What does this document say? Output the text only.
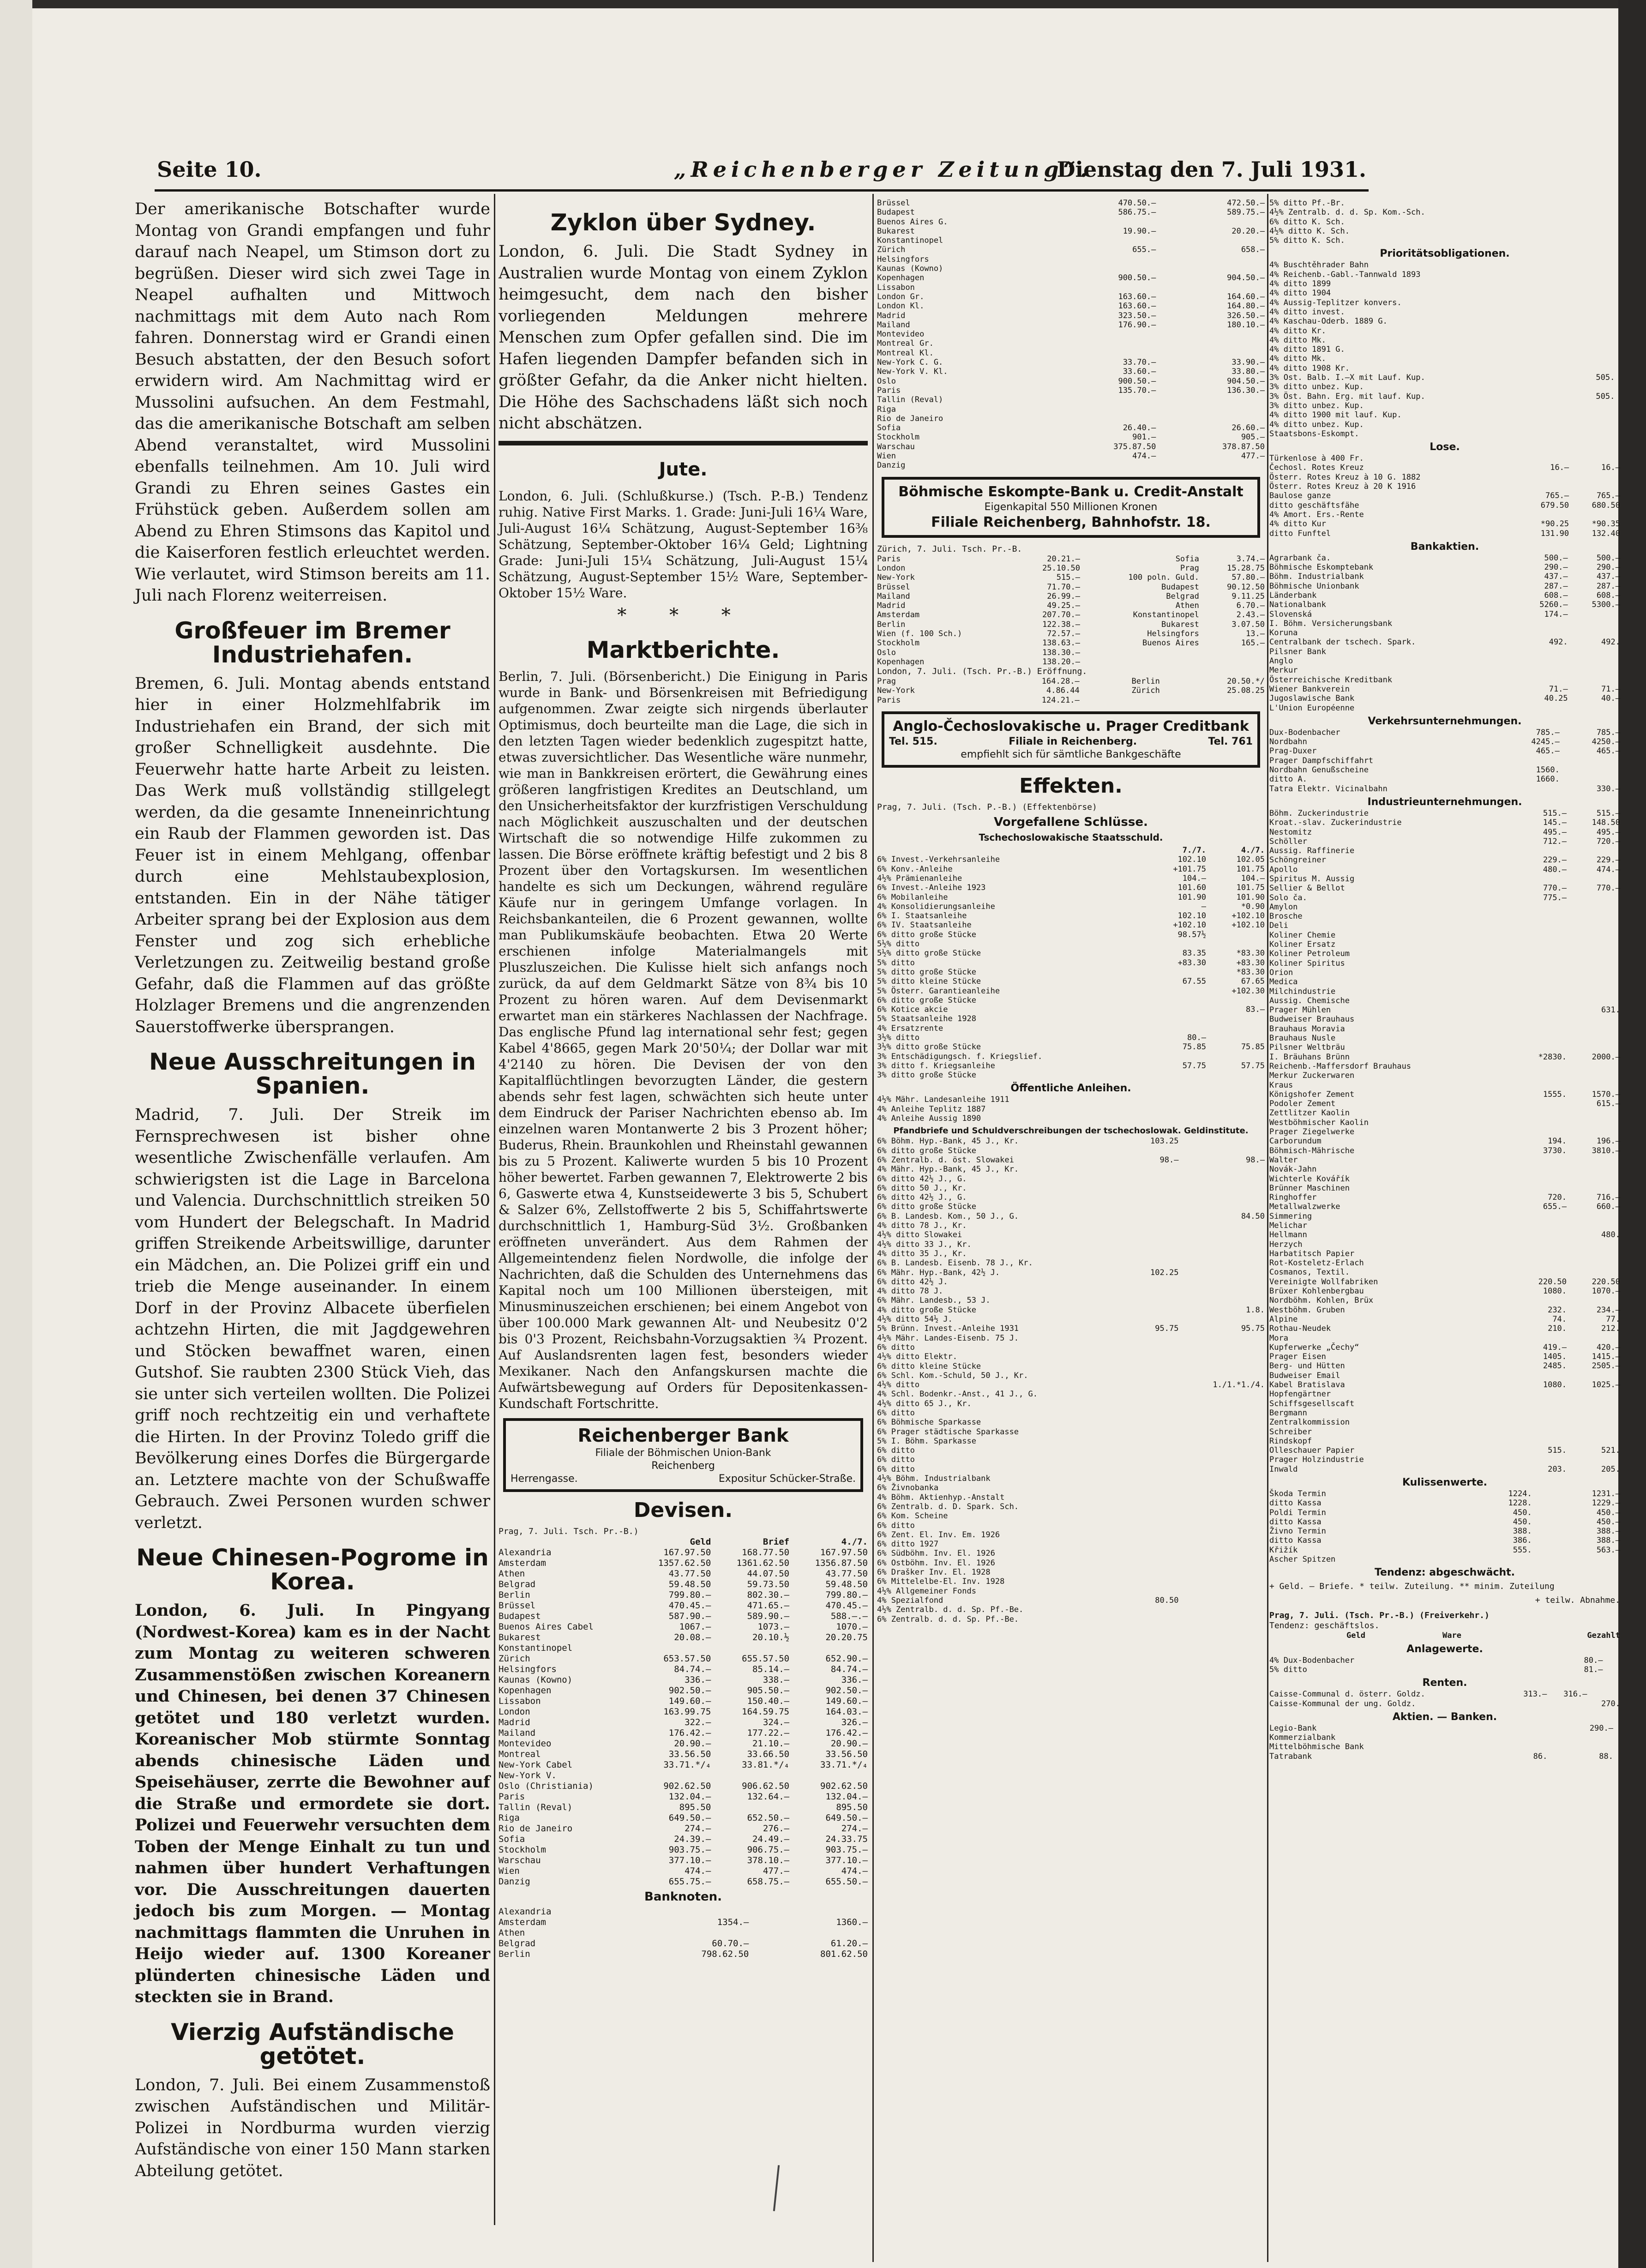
Seite 10.	„Reichenberger Zeitung“.
Dienstag den 7. Juli 1931.

Der amerikanische Botschafter wurde Montag von Grandi empfangen und fuhr darauf nach Neapel, um Stimson dort zu begrüßen. Dieser wird sich zwei Tage in Neapel aufhalten und Mittwoch nachmittags mit dem Auto nach Rom fahren. Donnerstag wird er Grandi einen Besuch abstatten, der den Besuch sofort erwidern wird. Am Nachmittag wird er Mussolini aufsuchen. An dem Festmahl, das die amerikanische Botschaft am selben Abend veranstaltet, wird Mussolini ebenfalls teilnehmen. Am 10. Juli wird Grandi zu Ehren seines Gastes ein Frühstück geben. Außerdem sollen am Abend zu Ehren Stimsons das Kapitol und die Kaiserforen festlich erleuchtet werden. Wie verlautet, wird Stimson bereits am 11. Juli nach Florenz weiterreisen.

Großfeuer im Bremer Industriehafen.

Bremen, 6. Juli. Montag abends entstand hier in einer Holzmehlfabrik im Industriehafen ein Brand, der sich mit großer Schnelligkeit ausdehnte. Die Feuerwehr hatte harte Arbeit zu leisten. Das Werk muß vollständig stillgelegt werden, da die gesamte Inneneinrichtung ein Raub der Flammen geworden ist. Das Feuer ist in einem Mehlgang, offenbar durch eine Mehlstaubexplosion, entstanden. Ein in der Nähe tätiger Arbeiter sprang bei der Explosion aus dem Fenster und zog sich erhebliche Verletzungen zu. Zeitweilig bestand große Gefahr, daß die Flammen auf das größte Holzlager Bremens und die angrenzenden Sauerstoffwerke übersprangen.

Neue Ausschreitungen in Spanien.

Madrid, 7. Juli. Der Streik im Fernsprechwesen ist bisher ohne wesentliche Zwischenfälle verlaufen. Am schwierigsten ist die Lage in Barcelona und Valencia. Durchschnittlich streiken 50 vom Hundert der Belegschaft. In Madrid griffen Streikende Arbeitswillige, darunter ein Mädchen, an. Die Polizei griff ein und trieb die Menge auseinander. In einem Dorf in der Provinz Albacete überfielen achtzehn Hirten, die mit Jagdgewehren und Stöcken bewaffnet waren, einen Gutshof. Sie raubten 2300 Stück Vieh, das sie unter sich verteilen wollten. Die Polizei griff noch rechtzeitig ein und verhaftete die Hirten. In der Provinz Toledo griff die Bevölkerung eines Dorfes die Bürgergarde an. Letztere machte von der Schußwaffe Gebrauch. Zwei Personen wurden schwer verletzt.

Neue Chinesen-Pogrome in Korea.

London, 6. Juli. In Pingyang (Nordwest-Korea) kam es in der Nacht zum Montag zu weiteren schweren Zusammenstößen zwischen Koreanern und Chinesen, bei denen 37 Chinesen getötet und 180 verletzt wurden. Koreanischer Mob stürmte Sonntag abends chinesische Läden und Speisehäuser, zerrte die Bewohner auf die Straße und ermordete sie dort. Polizei und Feuerwehr versuchten dem Toben der Menge Einhalt zu tun und nahmen über hundert Verhaftungen vor. Die Ausschreitungen dauerten jedoch bis zum Morgen. — Montag nachmittags flammten die Unruhen in Heijo wieder auf. 1300 Koreaner plünderten chinesische Läden und steckten sie in Brand.

Vierzig Aufständische getötet.

London, 7. Juli. Bei einem Zusammenstoß zwischen Aufständischen und Militär-Polizei in Nordburma wurden vierzig Aufständische von einer 150 Mann starken Abteilung getötet.

Zyklon über Sydney.

London, 6. Juli. Die Stadt Sydney in Australien wurde Montag von einem Zyklon heimgesucht, dem nach den bisher vorliegenden Meldungen mehrere Menschen zum Opfer gefallen sind. Die im Hafen liegenden Dampfer befanden sich in größter Gefahr, da die Anker nicht hielten. Die Höhe des Sachschadens läßt sich noch nicht abschätzen.

Jute.

London, 6. Juli. (Schlußkurse.) (Tsch. P.-B.) Tendenz ruhig. Native First Marks. 1. Grade: Juni-Juli 16¼ Ware, Juli-August 16¼ Schätzung, August-September 16⅜ Schätzung, September-Oktober 16¼ Geld; Lightning Grade: Juni-Juli 15¼ Schätzung, Juli-August 15¼ Schätzung, August-September 15½ Ware, September-Oktober 15½ Ware.

* * *
Marktberichte.

Berlin, 7. Juli. (Börsenbericht.) Die Einigung in Paris wurde in Bank- und Börsenkreisen mit Befriedigung aufgenommen. Zwar zeigte sich nirgends überlauter Optimismus, doch beurteilte man die Lage, die sich in den letzten Tagen wieder bedenklich zugespitzt hatte, etwas zuversichtlicher. Das Wesentliche wäre nunmehr, wie man in Bankkreisen erörtert, die Gewährung eines größeren langfristigen Kredites an Deutschland, um den Unsicherheitsfaktor der kurzfristigen Verschuldung nach Möglichkeit auszuschalten und der deutschen Wirtschaft die so notwendige Hilfe zukommen zu lassen. Die Börse eröffnete kräftig befestigt und 2 bis 8 Prozent über den Vortagskursen. Im wesentlichen handelte es sich um Deckungen, während reguläre Käufe nur in geringem Umfange vorlagen. In Reichsbankanteilen, die 6 Prozent gewannen, wollte man Publikumskäufe beobachten. Etwa 20 Werte erschienen infolge Materialmangels mit Pluszluszeichen. Die Kulisse hielt sich anfangs noch zurück, da auf dem Geldmarkt Sätze von 8¾ bis 10 Prozent zu hören waren. Auf dem Devisenmarkt erwartet man ein stärkeres Nachlassen der Nachfrage. Das englische Pfund lag international sehr fest; gegen Kabel 4'8665, gegen Mark 20'50¼; der Dollar war mit 4'2140 zu hören. Die Devisen der von den Kapitalflüchtlingen bevorzugten Länder, die gestern abends sehr fest lagen, schwächten sich heute unter dem Eindruck der Pariser Nachrichten ebenso ab. Im einzelnen waren Montanwerte 2 bis 3 Prozent höher; Buderus, Rhein. Braunkohlen und Rheinstahl gewannen bis zu 5 Prozent. Kaliwerte wurden 5 bis 10 Prozent höher bewertet. Farben gewannen 7, Elektrowerte 2 bis 6, Gaswerte etwa 4, Kunstseidewerte 3 bis 5, Schubert & Salzer 6%, Zellstoffwerte 2 bis 5, Schiffahrtswerte durchschnittlich 1, Hamburg-Süd 3½. Großbanken eröffneten unverändert. Aus dem Rahmen der Allgemeintendenz fielen Nordwolle, die infolge der Nachrichten, daß die Schulden des Unternehmens das Kapital noch um 100 Millionen übersteigen, mit Minusminuszeichen erschienen; bei einem Angebot von über 100.000 Mark gewannen Alt- und Neubesitz 0'2 bis 0'3 Prozent, Reichsbahn-Vorzugsaktien ¾ Prozent. Auf Auslandsrenten lagen fest, besonders wieder Mexikaner. Nach den Anfangskursen machte die Aufwärtsbewegung auf Orders für Depositenkassen-Kundschaft Fortschritte.

Reichenberger Bank
Filiale der Böhmischen Union-Bank
Reichenberg
Herrengasse.	Expositur Schücker-Straße.
Devisen.
Prag, 7. Juli. Tsch. Pr.-B.)
	Geld	Brief	4./7.
Alexandria	167.97.50	168.77.50	167.97.50
Amsterdam	1357.62.50	1361.62.50	1356.87.50
Athen	43.77.50	44.07.50	43.77.50
Belgrad	59.48.50	59.73.50	59.48.50
Berlin	799.80.—	802.30.—	799.80.—
Brüssel	470.45.—	471.65.—	470.45.—
Budapest	587.90.—	589.90.—	588.—.—
Buenos Aires Cabel	1067.—	1073.—	1070.—
Bukarest	20.08.—	20.10.½	20.20.75
Konstantinopel			
Zürich	653.57.50	655.57.50	652.90.—
Helsingfors	84.74.—	85.14.—	84.74.—
Kaunas (Kowno)	336.—	338.—	336.—
Kopenhagen	902.50.—	905.50.—	902.50.—
Lissabon	149.60.—	150.40.—	149.60.—
London	163.99.75	164.59.75	164.03.—
Madrid	322.—	324.—	326.—
Mailand	176.42.—	177.22.—	176.42.—
Montevideo	20.90.—	21.10.—	20.90.—
Montreal	33.56.50	33.66.50	33.56.50
New-York Cabel	33.71.*/₄	33.81.*/₄	33.71.*/₄
New-York V.			
Oslo (Christiania)	902.62.50	906.62.50	902.62.50
Paris	132.04.—	132.64.—	132.04.—
Tallin (Reval)	895.50		895.50
Riga	649.50.—	652.50.—	649.50.—
Rio de Janeiro	274.—	276.—	274.—
Sofia	24.39.—	24.49.—	24.33.75
Stockholm	903.75.—	906.75.—	903.75.—
Warschau	377.10.—	378.10.—	377.10.—
Wien	474.—	477.—	474.—
Danzig	655.75.—	658.75.—	655.50.—
Banknoten.
Alexandria			
Amsterdam		1354.—	1360.—
Athen			
Belgrad		60.70.—	61.20.—
Berlin		798.62.50	801.62.50
Brüssel	470.50.—	472.50.—
Budapest	586.75.—	589.75.—
Buenos Aires G.		
Bukarest	19.90.—	20.20.—
Konstantinopel		
Zürich	655.—	658.—
Helsingfors		
Kaunas (Kowno)		
Kopenhagen	900.50.—	904.50.—
Lissabon		
London Gr.	163.60.—	164.60.—
London Kl.	163.60.—	164.80.—
Madrid	323.50.—	326.50.—
Mailand	176.90.—	180.10.—
Montevideo		
Montreal Gr.		
Montreal Kl.		
New-York C. G.	33.70.—	33.90.—
New-York V. Kl.	33.60.—	33.80.—
Oslo	900.50.—	904.50.—
Paris	135.70.—	136.30.—
Tallin (Reval)		
Riga		
Rio de Janeiro		
Sofia	26.40.—	26.60.—
Stockholm	901.—	905.—
Warschau	375.87.50	378.87.50
Wien	474.—	477.—
Danzig		
Böhmische Eskompte-Bank u. Credit-Anstalt
Eigenkapital 550 Millionen Kronen
Filiale Reichenberg, Bahnhofstr. 18.
Zürich, 7. Juli. Tsch. Pr.-B.
Paris	20.21.—	Sofia	3.74.—
London	25.10.50	Prag	15.28.75
New-York	515.—	100 poln. Guld.	57.80.—
Brüssel	71.70.—	Budapest	90.12.50
Mailand	26.99.—	Belgrad	9.11.25
Madrid	49.25.—	Athen	6.70.—
Amsterdam	207.70.—	Konstantinopel	2.43.—
Berlin	122.38.—	Bukarest	3.07.50
Wien (f. 100 Sch.)	72.57.—	Helsingfors	13.—
Stockholm	138.63.—	Buenos Aires	165.—
Oslo	138.30.—		
Kopenhagen	138.20.—		
London, 7. Juli. (Tsch. Pr.-B.) Eröffnung.
Prag	164.28.—	Berlin	20.50.*/
New-York	4.86.44	Zürich	25.08.25
Paris	124.21.—		
Anglo-Čechoslovakische u. Prager Creditbank
Tel. 515.	Filiale in Reichenberg.	Tel. 761
empfiehlt sich für sämtliche Bankgeschäfte
Effekten.
Prag, 7. Juli. (Tsch. P.-B.) (Effektenbörse)
Vorgefallene Schlüsse.
Tschechoslowakische Staatsschuld.
	7./7.	4./7.
6% Invest.-Verkehrsanleihe	102.10	102.05
6% Konv.-Anleihe	+101.75	101.75
4½% Prämienanleihe	104.—	104.—
6% Invest.-Anleihe 1923	101.60	101.75
6% Mobilanleihe	101.90	101.90
4% Konsolidierungsanleihe	—	*0.90
6% I. Staatsanleihe	102.10	+102.10
6% IV. Staatsanleihe	+102.10	+102.10
6% ditto große Stücke	98.57½	
5½% ditto		
5½% ditto große Stücke	83.35	*83.30
5% ditto	+83.30	+83.30
5% ditto große Stücke		*83.30
5% ditto kleine Stücke	67.55	67.65
5% Österr. Garantieanleihe		+102.30
6% ditto große Stücke		
6% Kotice akcie		83.—
5% Staatsanleihe 1928		
4% Ersatzrente		
3½% ditto	80.—	
3½% ditto große Stücke	75.85	75.85
3% Entschädigungsch. f. Kriegslief.		
3% ditto f. Kriegsanleihe	57.75	57.75
3% ditto große Stücke		
Öffentliche Anleihen.
4½% Mähr. Landesanleihe 1911		
4% Anleihe Teplitz 1887		
4% Anleihe Aussig 1890		
Pfandbriefe und Schuldverschreibungen der tschechoslowak. Geldinstitute.
6% Böhm. Hyp.-Bank, 45 J., Kr.	103.25	
6% ditto große Stücke		
6% Zentralb. d. öst. Slowakei	98.—	98.—
4% Mähr. Hyp.-Bank, 45 J., Kr.		
6% ditto 42½ J., G.		
6% ditto 50 J., Kr.		
6% ditto 42½ J., G.		
6% ditto große Stücke		
6% B. Landesb. Kom., 50 J., G.		84.50
4% ditto 78 J., Kr.		
4½% ditto Slowakei		
4½% ditto 33 J., Kr.		
4% ditto 35 J., Kr.		
6% B. Landesb. Eisenb. 78 J., Kr.		
6% Mähr. Hyp.-Bank, 42½ J.	102.25	
6% ditto 42½ J.		
4% ditto 78 J.		
6% Mähr. Landesb., 53 J.		
4% ditto große Stücke		1.8.
4½% ditto 54½ J.		
5% Brünn. Invest.-Anleihe 1931	95.75	95.75
4½% Mähr. Landes-Eisenb. 75 J.		
6% ditto		
4½% ditto Elektr.		
6% ditto kleine Stücke		
6% Schl. Kom.-Schuld, 50 J., Kr.		
4½% ditto		1./1.*1./4.
4% Schl. Bodenkr.-Anst., 41 J., G.		
4½% ditto 65 J., Kr.		
6% ditto		
6% Böhmische Sparkasse		
6% Prager städtische Sparkasse		
5% I. Böhm. Sparkasse		
6% ditto		
6% ditto		
6% ditto		
4½% Böhm. Industrialbank		
6% Živnobanka		
4% Böhm. Aktienhyp.-Anstalt		
6% Zentralb. d. D. Spark. Sch.		
6% Kom. Scheine		
6% ditto		
6% Zent. El. Inv. Em. 1926		
6% ditto 1927		
6% Südböhm. Inv. El. 1926		
6% Ostböhm. Inv. El. 1926		
6% Drašker Inv. El. 1928		
6% Mittelelbe-El. Inv. 1928		
4½% Allgemeiner Fonds		
4% Spezialfond	80.50	
4½% Zentralb. d. d. Sp. Pf.-Be.		
6% Zentralb. d. d. Sp. Pf.-Be.		
5% ditto Pf.-Br.		
4½% Zentralb. d. d. Sp. Kom.-Sch.		
6% ditto K. Sch.		
4½% ditto K. Sch.		
5% ditto K. Sch.		
Prioritätsobligationen.
4% Buschtěhrader Bahn		
4% Reichenb.-Gabl.-Tannwald 1893		
4% ditto 1899		
4% ditto 1904		
4% Aussig-Teplitzer konvers.		
4% ditto invest.		
4% Kaschau-Oderb. 1889 G.		
4% ditto Kr.		
4% ditto Mk.		
4% ditto 1891 G.		
4% ditto Mk.		
4% ditto 1908 Kr.		
3% Ost. Balb. I.—X mit Lauf. Kup.	505.	
3% ditto unbez. Kup.		
3% Öst. Bahn. Erg. mit lauf. Kup.	505.	
3% ditto unbez. Kup.		
4% ditto 1900 mit lauf. Kup.		
4% ditto unbez. Kup.		
Staatsbons-Eskompt.		
Lose.
Türkenlose à 400 Fr.		
Čechosl. Rotes Kreuz	16.—	16.—
Österr. Rotes Kreuz à 10 G. 1882		
Österr. Rotes Kreuz à 20 K 1916		
Baulose ganze	765.—	765.—
ditto geschäftsfähe	679.50	680.50
4% Amort. Ers.-Rente		
4% ditto Kur	*90.25	*90.35
ditto Funftel	131.90	132.40
Bankaktien.
Agrarbank ča.	500.—	500.—
Böhmische Eskomptebank	290.—	290.—
Böhm. Industrialbank	437.—	437.—
Böhmische Unionbank	287.—	287.—
Länderbank	608.—	608.—
Nationalbank	5260.—	5300.—
Slovenská	174.—	
I. Böhm. Versicherungsbank		
Koruna		
Centralbank der tschech. Spark.	492.	492.
Pilsner Bank		
Anglo		
Merkur		
Österreichische Kreditbank		
Wiener Bankverein	71.—	71.—
Jugoslawische Bank	40.25	40.—
L'Union Européenne		
Verkehrsunternehmungen.
Dux-Bodenbacher	785.—	785.—
Nordbahn	4245.—	4250.—
Prag-Duxer	465.—	465.—
Prager Dampfschiffahrt		
Nordbahn Genußscheine	1560.	
ditto A.	1660.	
Tatra Elektr. Vicinalbahn		330.—
Industrieunternehmungen.
Böhm. Zuckerindustrie	515.—	515.—
Kroat.-slav. Zuckerindustrie	145.—	148.50
Nestomitz	495.—	495.—
Schöller	712.—	720.—
Aussig. Raffinerie		
Schöngreiner	229.—	229.—
Apollo	480.—	474.—
Spiritus M. Aussig		
Sellier & Bellot	770.—	770.—
Solo ča.	775.—	
Amylon		
Brosche		
Deli		
Koliner Chemie		
Koliner Ersatz		
Koliner Petroleum		
Koliner Spiritus		
Orion		
Medica		
Milchindustrie		
Aussig. Chemische		
Prager Mühlen		631.
Budweiser Brauhaus		
Brauhaus Moravia		
Brauhaus Nusle		
Pilsner Weltbräu		
I. Bräuhans Brünn	*2830.	2000.—
Reichenb.-Maffersdorf Brauhaus		
Merkur Zuckerwaren		
Kraus		
Königshofer Zement	1555.	1570.—
Podoler Zement		615.—
Zettlitzer Kaolin		
Westböhmischer Kaolin		
Prager Ziegelwerke		
Carborundum	194.	196.—
Böhmisch-Mährische	3730.	3810.—
Walter		
Novák-Jahn		
Wichterle Kovářík		
Brünner Maschinen		
Ringhoffer	720.	716.—
Metallwalzwerke	655.—	660.—
Simmering		
Melichar		
Hellmann		480.
Herzych		
Harbatitsch Papier		
Rot-Kosteletz-Erlach		
Cosmanos, Textil.		
Vereinigte Wollfabriken	220.50	220.50
Brüxer Kohlenbergbau	1080.	1070.—
Nordböhm. Kohlen, Brüx		
Westböhm. Gruben	232.	234.—
Alpine	74.	77.
Rothau-Neudek	210.	212.
Mora		
Kupferwerke „Čechy“	419.—	420.—
Prager Eisen	1405.	1415.—
Berg- und Hütten	2485.	2505.—
Budweiser Email		
Kabel Bratislava	1080.	1025.—
Hopfengärtner		
Schiffsgesellscaft		
Bergmann		
Zentralkommission		
Schreiber		
Rindskopf		
Olleschauer Papier	515.	521.
Prager Holzindustrie		
Inwald	203.	205.
Kulissenwerte.
Škoda Termin	1224.	1231.—
ditto Kassa	1228.	1229.—
Poldi Termin	450.	450.—
ditto Kassa	450.	450.—
Živno Termin	388.	388.—
ditto Kassa	386.	388.—
Křižík	555.	563.—
Ascher Spitzen		
Tendenz: abgeschwächt.
+ Geld. — Briefe. * teilw. Zuteilung. ** minim. Zuteilung
+ teilw. Abnahme.
Prag, 7. Juli. (Tsch. Pr.-B.) (Freiverkehr.)
Tendenz: geschäftslos.
	Geld	Ware	Gezahlt
Anlagewerte.
4% Dux-Bodenbacher	80.—		
5% ditto	81.—		
Renten.
Caisse-Communal d. österr. Goldz.	313.—	316.—	
Caisse-Kommunal der ung. Goldz.			270.
Aktien. — Banken.
Legio-Bank		290.—	
Kommerzialbank			
Mittelböhmische Bank			
Tatrabank	86.	88.	
